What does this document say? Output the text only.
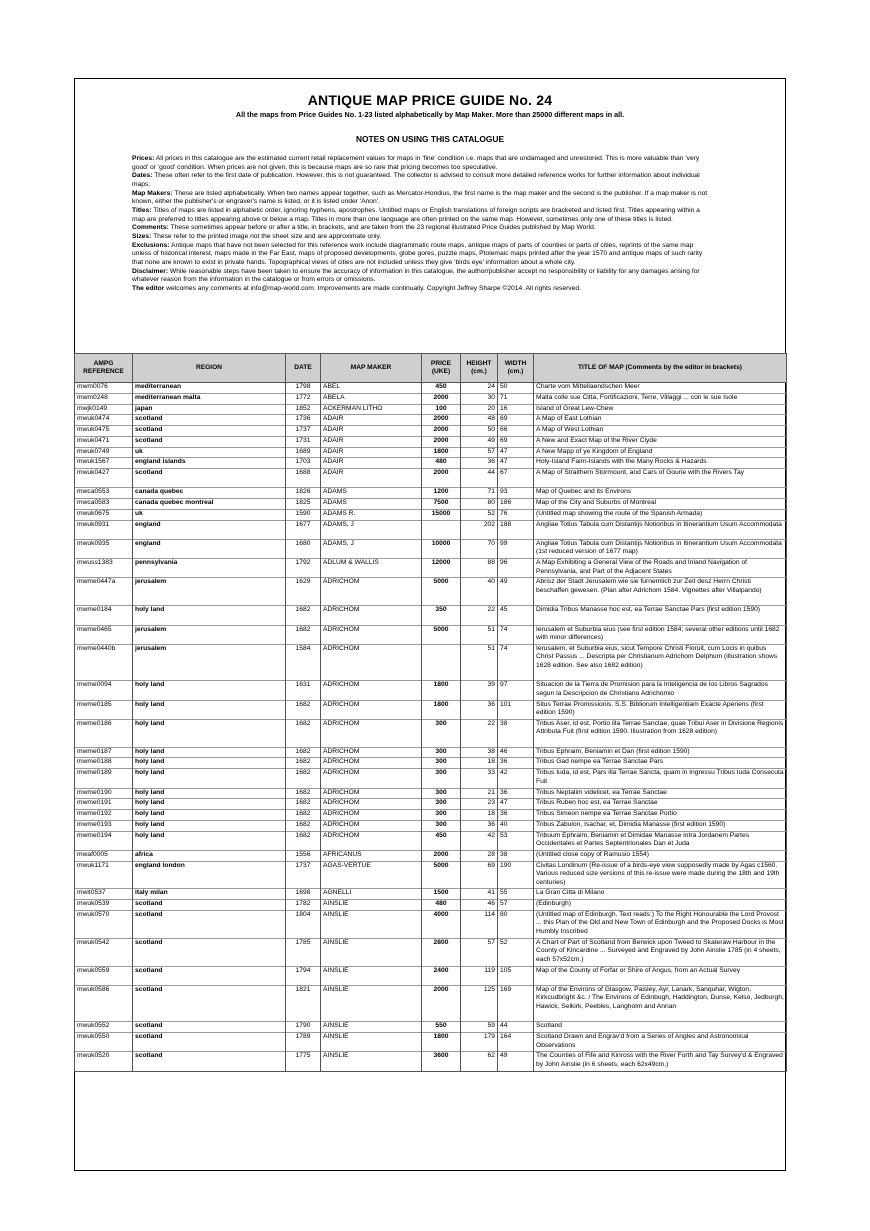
ANTIQUE MAP PRICE GUIDE No. 24
All the maps from Price Guides No. 1-23 listed alphabetically by Map Maker. More than 25000 different maps in all.
NOTES ON USING THIS CATALOGUE

Prices: All prices in this catalogue are the estimated current retail replacement values for maps in 'fine' condition i.e. maps that are undamaged and unrestored. This is more valuable than 'very good' or 'good' condition. When prices are not given, this is because maps are so rare that pricing becomes too speculative.

Dates: These often refer to the first date of publication. However, this is not guaranteed. The collector is advised to consult more detailed reference works for further information about individual maps.

Map Makers: These are listed alphabetically. When two names appear together, such as Mercator-Hondius, the first name is the map maker and the second is the publisher. If a map maker is not known, either the publisher's or engraver's name is listed, or it is listed under 'Anon'.

Titles: Titles of maps are listed in alphabetic order, ignoring hyphens, apostrophes. Untitled maps or English translations of foreign scripts are bracketed and listed first. Titles appearing within a map are preferred to titles appearing above or below a map. Titles in more than one language are often printed on the same map. However, sometimes only one of these titles is listed.

Comments: These sometimes appear before or after a title, in brackets, and are taken from the 23 regional illustrated Price Guides published by Map World.

Sizes: These refer to the printed image not the sheet size and are approximate only.

Exclusions: Antique maps that have not been selected for this reference work include diagrammatic route maps, antique maps of parts of counties or parts of cities, reprints of the same map unless of historical interest, maps made in the Far East, maps of proposed developments, globe gores, puzzle maps, Ptolemaic maps printed after the year 1570 and antique maps of such rarity that none are known to exist in private hands. Topographical views of cities are not included unless they give 'birds eye' information about a whole city.

Disclaimer: While reasonable steps have been taken to ensure the accuracy of information in this catalogue, the author/publisher accept no responsibility or liability for any damages arising for whatever reason from the information in the catalogue or from errors or omissions.

The editor welcomes any comments at info@map-world.com. Improvements are made continually. Copyright Jeffrey Sharpe ©2014. All rights reserved.

AMPG REFERENCE	REGION	DATE	MAP MAKER	PRICE (UKE)	HEIGHT (cm.)	WIDTH (cm.)	TITLE OF MAP (Comments by the editor in brackets)
mwm0076	mediterranean	1798	ABEL	450	24	50	Charte vom Mittellaendschen Meer
mwm0248	mediterranean malta	1772	ABELA	2000	30	71	Malta colle sue Citta, Fortificazioni, Terre, Villaggi ... con le sue Isole
mwjk0149	japan	1852	ACKERMAN LITHO	100	20	16	Island of Great Lew-Chew
mwuk0474	scotland	1736	ADAIR	2000	48	69	A Map of East Lothian
mwuk0475	scotland	1737	ADAIR	2000	50	66	A Map of West Lothian
mwuk0471	scotland	1731	ADAIR	2000	49	69	A New and Exact Map of the River Clyde
mwuk0749	uk	1689	ADAIR	1800	57	47	A New Mapp of ye Kingdom of England
mwuk1567	england islands	1703	ADAIR	480	36	47	Holy-Island Fairn-Islands with the Many Rocks & Hazards
mwuk0427	scotland	1688	ADAIR	2000	44	67	A Map of Straithern Stormount, and Cars of Gourie with the Rivers Tay
mwca0553	canada quebec	1826	ADAMS	1200	71	93	Map of Quebec and its Environs
mwca0583	canada quebec montreal	1825	ADAMS	7500	80	186	Map of the City and Suburbs of Montreal
mwuk0675	uk	1590	ADAMS R.	15000	52	76	(Untitled map showing the route of the Spanish Armada)
mwuk0931	england	1677	ADAMS, J		202	188	Angliae Totius Tabula cum Distantijs Notioribus in Itinerantium Usum Accommodata
mwuk0935	england	1680	ADAMS, J	10000	70	99	Angliae Totius Tabula cum Distantijs Notioribus in Itinerantium Usum Accommodata (1st reduced version of 1677 map)
mwuss1383	pennsylvania	1792	ADLUM & WALLIS	12000	88	96	A Map Exhibiting a General View of the Roads and Inland Navigation of Pennsylvania, and Part of the Adjacent States
mwme0447a	jerusalem	1629	ADRICHOM	5000	40	49	Abrisz der Stadt Jerusalem wie sie furnemlich zur Zeit desz Herrn Christi beschaffen gewesen. (Plan after Adrichom 1584. Vignettes after Villalpando)
mwme0184	holy land	1682	ADRICHOM	350	22	45	Dimidia Tribus Manasse hoc est, ea Terrae Sanctae Pars (first edition 1590)
mwme0465	jerusalem	1682	ADRICHOM	5000	51	74	Ierusalem et Suburbia eius (see first edition 1584; several other editions until 1682 with minor differences)
mwme0440b	jerusalem	1584	ADRICHOM		51	74	Ierusalem, et Suburbia eius, sicut Tempore Christi Floruit, cum Locis in quibus Christ Passus ... Descripta per Christianum Adrichom Delphum (illustration shows 1628 edition. See also 1682 edition)
mwme0094	holy land	1631	ADRICHOM	1800	39	97	Situacion de la Tierra de Promision para la Inteligencia de los Libros Sagrados segun la Descripcion de Christiano Adrichomio
mwme0185	holy land	1682	ADRICHOM	1800	36	101	Situs Terrae Promissionis. S.S. Bibliorum Intelligentiam Exacte Aperiens (first edition 1590)
mwme0186	holy land	1682	ADRICHOM	300	22	38	Tribus Aser, id est, Portio illa Terrae Sanctae, quae Tribui Aser in Divisione Regionis Attributa Fuit (first edition 1590. Illustration from 1628 edition)
mwme0187	holy land	1682	ADRICHOM	300	38	46	Tribus Ephraim, Beniamin et Dan (first edition 1590)
mwme0188	holy land	1682	ADRICHOM	300	18	36	Tribus Gad nempe ea Terrae Sanctae Pars
mwme0189	holy land	1682	ADRICHOM	300	33	42	Tribus Iuda, id est, Pars illa Terrae Sancta, quam in Ingressu Tribus Iuda Consecuta Fuit
mwme0190	holy land	1682	ADRICHOM	300	21	36	Tribus Neptalim videlicet, ea Terrae Sanctae
mwme0191	holy land	1682	ADRICHOM	300	23	47	Tribus Ruben hoc est, ea Terrae Sanctae
mwme0192	holy land	1682	ADRICHOM	300	18	36	Tribus Simeon nempe ea Terrae Sanctae Portio
mwme0193	holy land	1682	ADRICHOM	300	36	40	Tribus Zabulon, Isachar, et, Dimidia Manasse (first edition 1590)
mwme0194	holy land	1682	ADRICHOM	450	42	53	Tribuum Ephraim, Beniamin et Dimidae Manasse intra Jordanem Partes Occidentales et Partes Septentrionales Dan et Juda
mwaf0005	africa	1556	AFRICANUS	2000	28	38	(Untitled close copy of Ramusio 1554)
mwuk1171	england london	1737	AGAS-VERTUE	5000	69	190	Civitas Londinum (Re-issue of a birds-eye view supposedly made by Agas c1560. Various reduced size versions of this re-issue were made during the 18th and 19th centuries)
mwit0537	italy milan	1698	AGNELLI	1500	41	55	La Gran Citta di Milano
mwuk0539	scotland	1782	AINSLIE	480	46	57	(Edinburgh)
mwuk0570	scotland	1804	AINSLIE	4000	114	80	(Untitled map of Edinburgh. Text reads:) To the Right Honourable the Lord Provost ... this Plan of the Old and New Town of Edinburgh and the Proposed Docks is Most Humbly Inscribed
mwuk0542	scotland	1785	AINSLIE	2800	57	52	A Chart of Part of Scotland from Berwick upon Tweed to Skateraw Harbour in the County of Kincardine ... Surveyed and Engraved by John Ainslie 1785 (in 4 sheets, each 57x52cm.)
mwuk0559	scotland	1794	AINSLIE	2400	119	105	Map of the County of Forfar or Shire of Angus, from an Actual Survey
mwuk0586	scotland	1821	AINSLIE	2000	125	169	Map of the Environs of Glasgow, Paisley, Ayr, Lanark, Sanquhar, Wigton, Kirkcudbright &c. / The Environs of Edinbugh, Haddington, Dunse, Kelso, Jedburgh, Hawick, Selkirk, Peebles, Langholm and Annan
mwuk0552	scotland	1790	AINSLIE	550	59	44	Scotland
mwuk0550	scotland	1789	AINSLIE	1800	179	164	Scotland Drawn and Engrav'd from a Series of Angles and Astronomical Observations
mwuk0520	scotland	1775	AINSLIE	3600	62	49	The Counties of Fife and Kinross with the River Forth and Tay Survey'd & Engraved by John Ainslie (in 6 sheets, each 62x49cm.)
